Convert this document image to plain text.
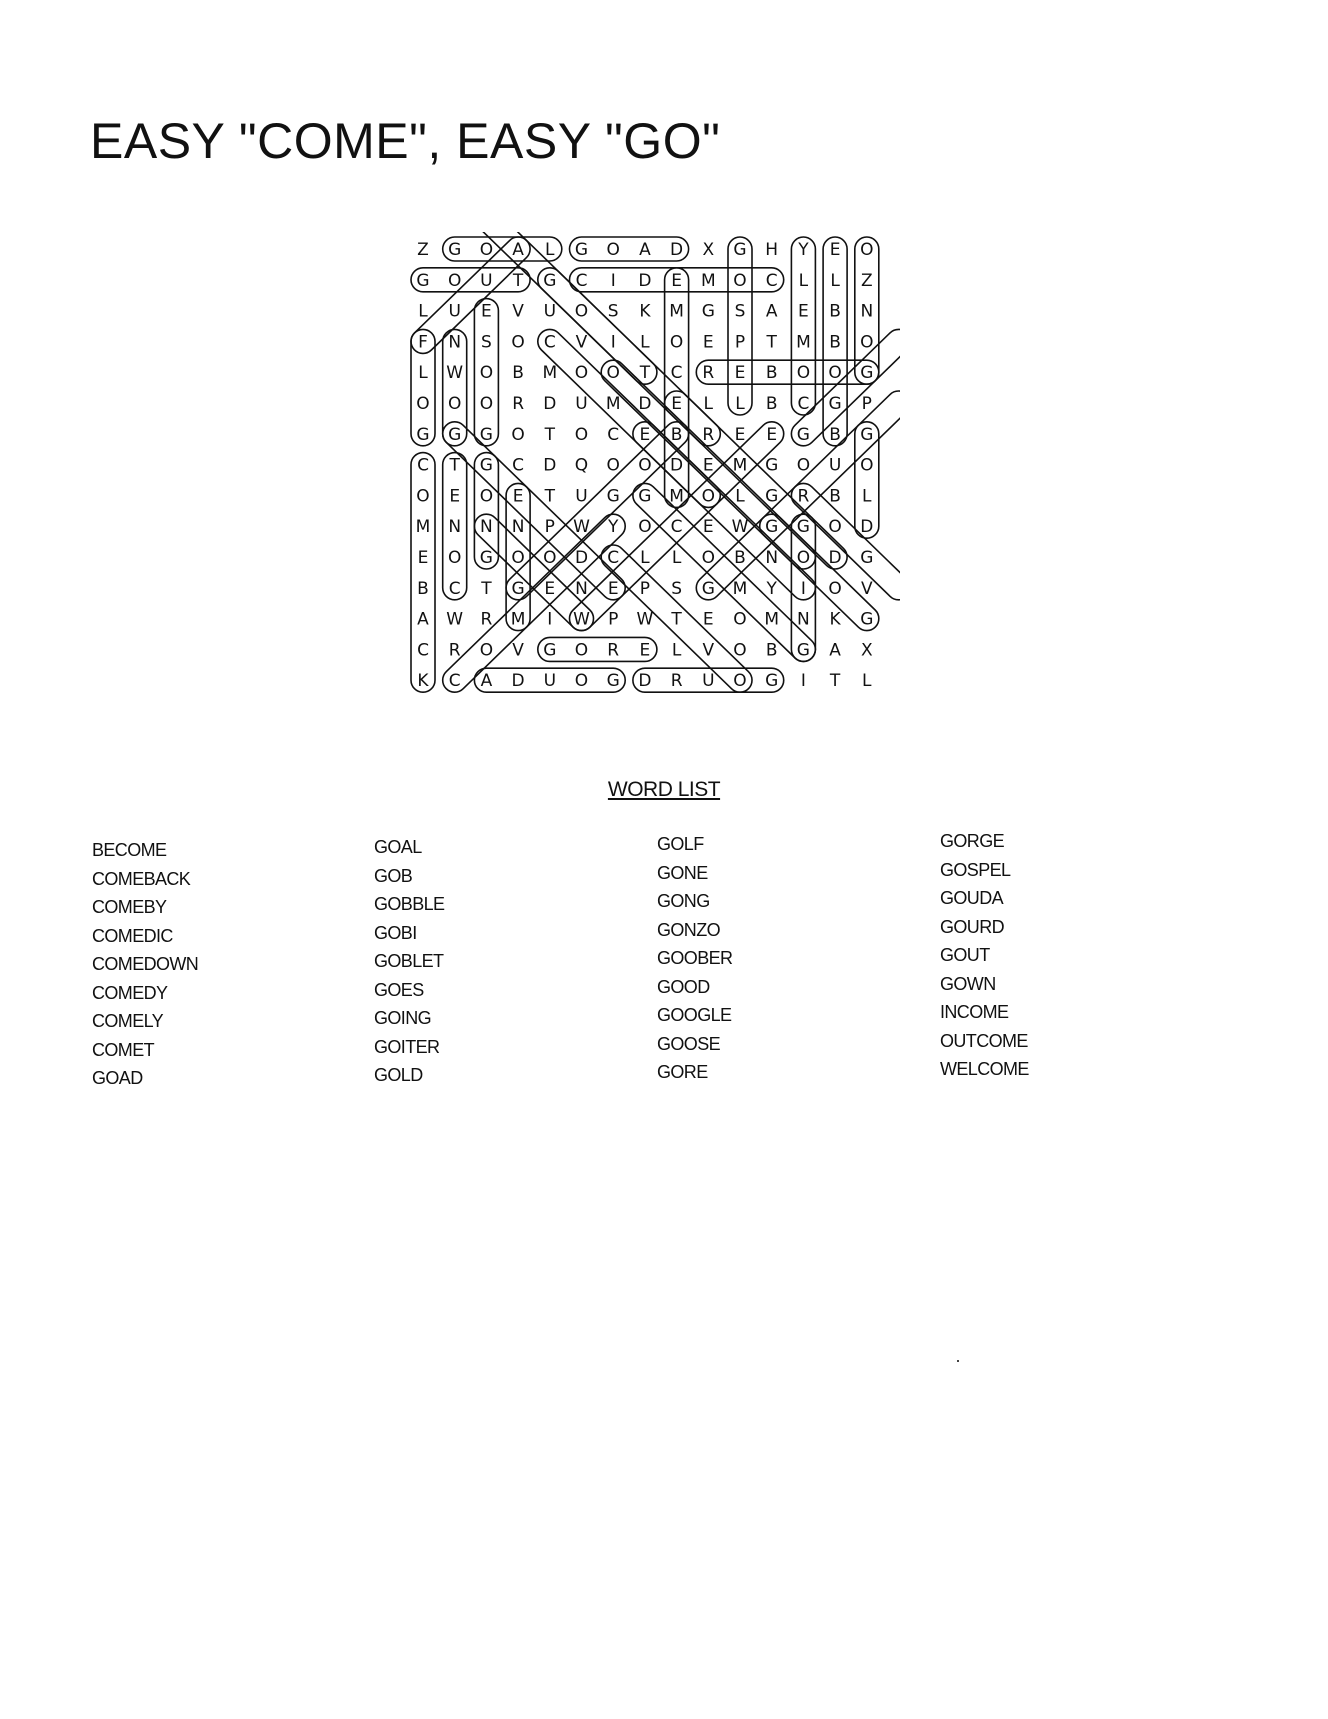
EASY "COME", EASY "GO"
Z G O A L G O A D X G H Y E O
G O U T G C I D E M O C L L Z
L U E V U O S K M G S A E B N
F N S O C V I L O E P T M B O
L W O B M O O T C R E B O O G
O O O R D U M D E L L B C G P
G G G O T O C E B R E E G B G
C T G C D Q O O D E M G O U O
O E O E T U G G M O L G R B L
M N N N P W Y O C E W G G O D
E O G O O D C L L O B N O D G
B C T G E N E P S G M Y I O V
A W R M I W P W T E O M N K G
C R O V G O R E L V O B G A X
K C A D U O G D R U O G I T L
WORD LIST
BECOME
COMEBACK
COMEBY
COMEDIC
COMEDOWN
COMEDY
COMELY
COMET
GOAD
GOAL
GOB
GOBBLE
GOBI
GOBLET
GOES
GOING
GOITER
GOLD
GOLF
GONE
GONG
GONZO
GOOBER
GOOD
GOOGLE
GOOSE
GORE
GORGE
GOSPEL
GOUDA
GOURD
GOUT
GOWN
INCOME
OUTCOME
WELCOME
